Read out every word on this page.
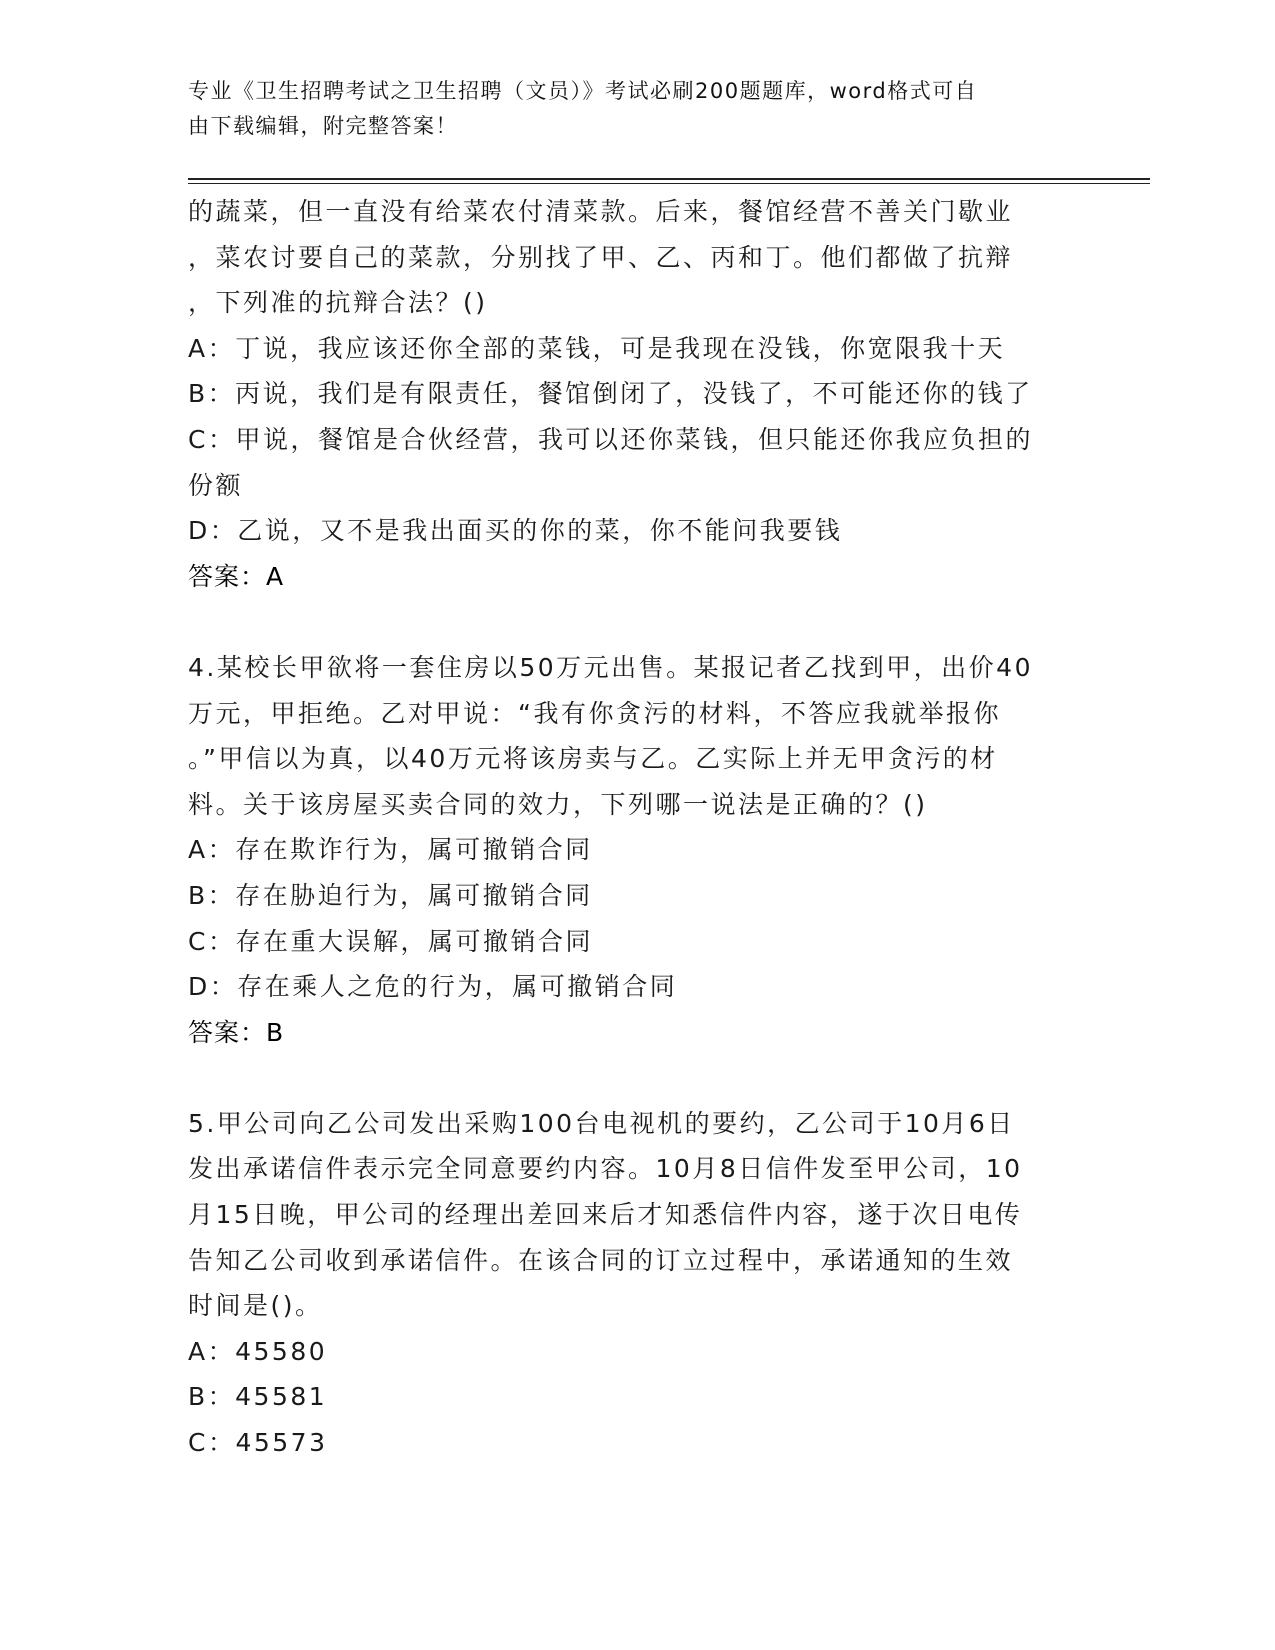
专业《卫生招聘考试之卫生招聘（文员）》考试必刷200题题库，word格式可自
由下载编辑，附完整答案！
的蔬菜，但一直没有给菜农付清菜款。后来，餐馆经营不善关门歇业
，菜农讨要自己的菜款，分别找了甲、乙、丙和丁。他们都做了抗辩
，下列准的抗辩合法？()
A：丁说，我应该还你全部的菜钱，可是我现在没钱，你宽限我十天
B：丙说，我们是有限责任，餐馆倒闭了，没钱了，不可能还你的钱了
C：甲说，餐馆是合伙经营，我可以还你菜钱，但只能还你我应负担的
份额
D：乙说，又不是我出面买的你的菜，你不能问我要钱
答案：A
4.某校长甲欲将一套住房以50万元出售。某报记者乙找到甲，出价40
万元，甲拒绝。乙对甲说：“我有你贪污的材料，不答应我就举报你
。”甲信以为真，以40万元将该房卖与乙。乙实际上并无甲贪污的材
料。关于该房屋买卖合同的效力，下列哪一说法是正确的？()
A：存在欺诈行为，属可撤销合同
B：存在胁迫行为，属可撤销合同
C：存在重大误解，属可撤销合同
D：存在乘人之危的行为，属可撤销合同
答案：B
5.甲公司向乙公司发出采购100台电视机的要约，乙公司于10月6日
发出承诺信件表示完全同意要约内容。10月8日信件发至甲公司，10
月15日晚，甲公司的经理出差回来后才知悉信件内容，遂于次日电传
告知乙公司收到承诺信件。在该合同的订立过程中，承诺通知的生效
时间是()。
A：45580
B：45581
C：45573
